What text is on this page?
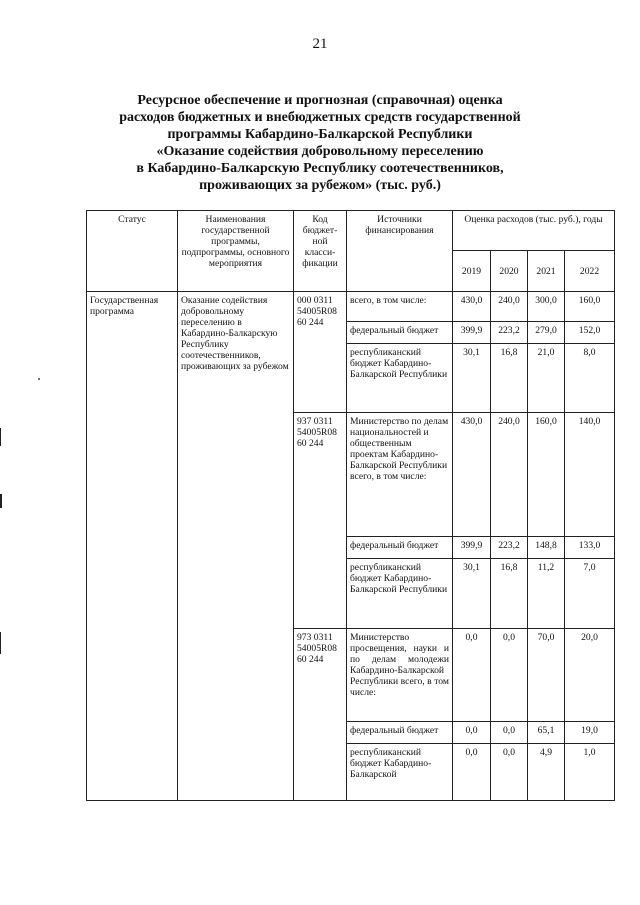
21
Ресурсное обеспечение и прогнозная (справочная) оценка
расходов бюджетных и внебюджетных средств государственной
программы Кабардино-Балкарской Республики
«Оказание содействия добровольному переселению
в Кабардино-Балкарскую Республику соотечественников,
проживающих за рубежом» (тыс. руб.)
Статус	Наименования государственной программы, подпрограммы, основного мероприятия	Код бюджет-ной класси-фикации	Источники финансирования	Оценка расходов (тыс. руб.), годы			
				2019	2020	2021	2022
Государственная программа	Оказание содействия добровольному переселению в Кабардино-Балкарскую Республику соотечественников, проживающих за рубежом	000 0311 54005R08 60 244	всего, в том числе:	430,0	240,0	300,0	160,0
			федеральный бюджет	399,9	223,2	279,0	152,0
			республиканский бюджет Кабардино-Балкарской Республики	30,1	16,8	21,0	8,0
		937 0311 54005R08 60 244	Министерство по делам национальностей и общественным проектам Кабардино-Балкарской Республики всего, в том числе:	430,0	240,0	160,0	140,0
			федеральный бюджет	399,9	223,2	148,8	133,0
			республиканский бюджет Кабардино-Балкарской Республики	30,1	16,8	11,2	7,0
		973 0311 54005R08 60 244	Министерство просвещения, науки и по делам молодежи Кабардино-Балкарской Республики всего, в том числе:	0,0	0,0	70,0	20,0
			федеральный бюджет	0,0	0,0	65,1	19,0
			республиканский бюджет Кабардино-Балкарской	0,0	0,0	4,9	1,0
